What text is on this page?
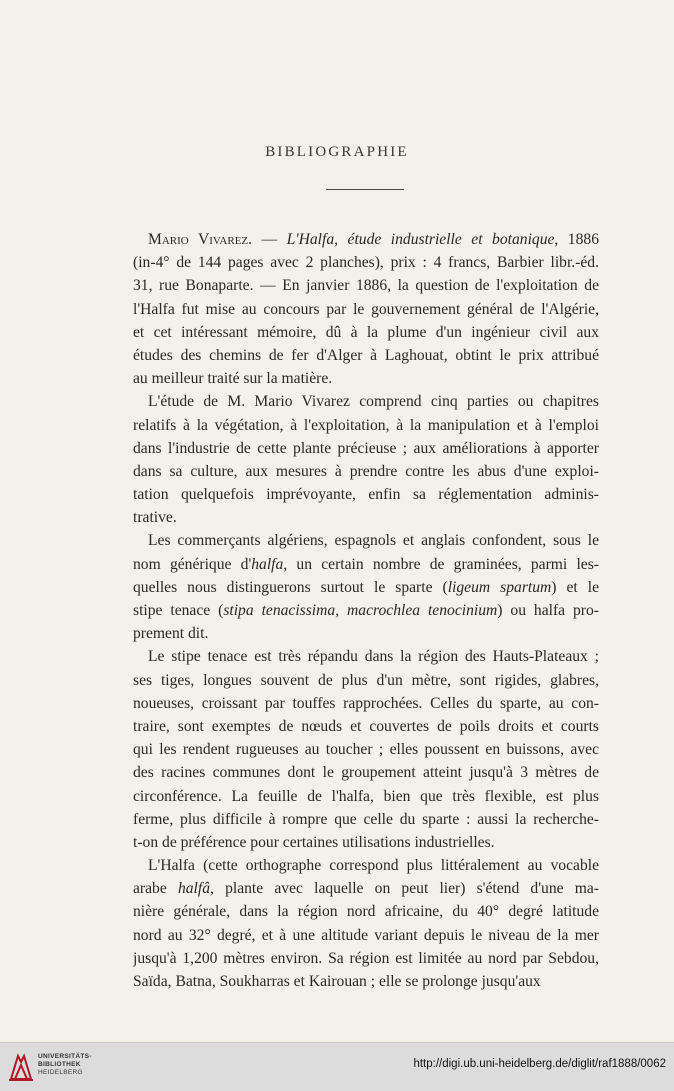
BIBLIOGRAPHIE
Mario Vivarez. — L'Halfa, étude industrielle et botanique, 1886
(in-4° de 144 pages avec 2 planches), prix : 4 francs, Barbier libr.-éd.
31, rue Bonaparte. — En janvier 1886, la question de l'exploitation de
l'Halfa fut mise au concours par le gouvernement général de l'Algérie,
et cet intéressant mémoire, dû à la plume d'un ingénieur civil aux
études des chemins de fer d'Alger à Laghouat, obtint le prix attribué
au meilleur traité sur la matière.
L'étude de M. Mario Vivarez comprend cinq parties ou chapitres
relatifs à la végétation, à l'exploitation, à la manipulation et à l'emploi
dans l'industrie de cette plante précieuse ; aux améliorations à apporter
dans sa culture, aux mesures à prendre contre les abus d'une exploi-
tation quelquefois imprévoyante, enfin sa réglementation adminis-
trative.
Les commerçants algériens, espagnols et anglais confondent, sous le
nom générique d'halfa, un certain nombre de graminées, parmi les-
quelles nous distinguerons surtout le sparte (ligeum spartum) et le
stipe tenace (stipa tenacissima, macrochlea tenocinium) ou halfa pro-
prement dit.
Le stipe tenace est très répandu dans la région des Hauts-Plateaux ;
ses tiges, longues souvent de plus d'un mètre, sont rigides, glabres,
noueuses, croissant par touffes rapprochées. Celles du sparte, au con-
traire, sont exemptes de nœuds et couvertes de poils droits et courts
qui les rendent rugueuses au toucher ; elles poussent en buissons, avec
des racines communes dont le groupement atteint jusqu'à 3 mètres de
circonférence. La feuille de l'halfa, bien que très flexible, est plus
ferme, plus difficile à rompre que celle du sparte : aussi la recherche-
t-on de préférence pour certaines utilisations industrielles.
L'Halfa (cette orthographe correspond plus littéralement au vocable
arabe halfâ, plante avec laquelle on peut lier) s'étend d'une ma-
nière générale, dans la région nord africaine, du 40° degré latitude
nord au 32° degré, et à une altitude variant depuis le niveau de la mer
jusqu'à 1,200 mètres environ. Sa région est limitée au nord par Sebdou,
Saïda, Batna, Soukharras et Kairouan ; elle se prolonge jusqu'aux
UNIVERSITÄTS-
BIBLIOTHEK
HEIDELBERG
http://digi.ub.uni-heidelberg.de/diglit/raf1888/0062
